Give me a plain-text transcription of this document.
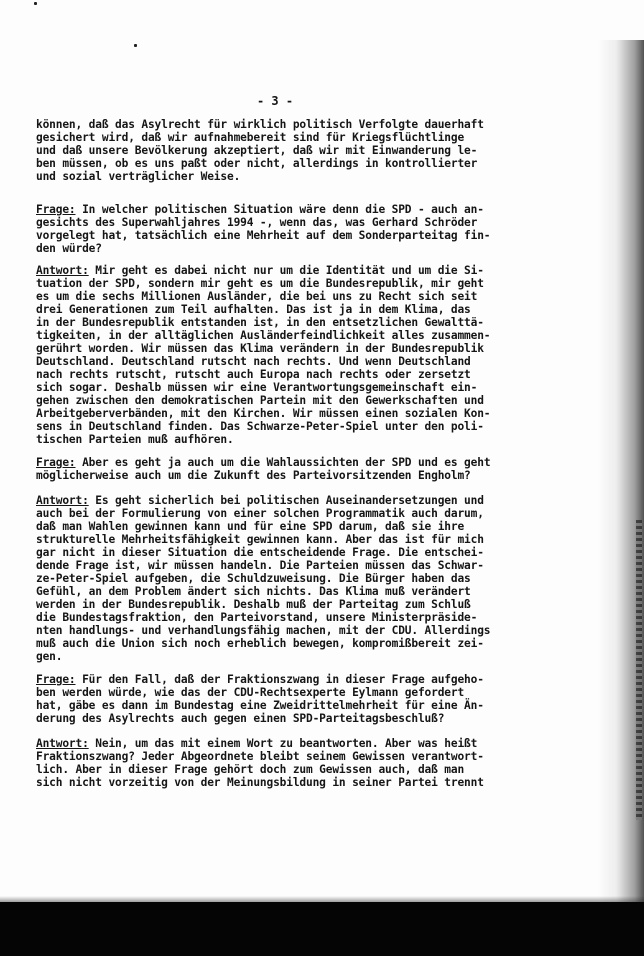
- 3 -
können, daß das Asylrecht für wirklich politisch Verfolgte dauerhaft
gesichert wird, daß wir aufnahmebereit sind für Kriegsflüchtlinge
und daß unsere Bevölkerung akzeptiert, daß wir mit Einwanderung le-
ben müssen, ob es uns paßt oder nicht, allerdings in kontrollierter
und sozial verträglicher Weise.
Frage: In welcher politischen Situation wäre denn die SPD - auch an-
gesichts des Superwahljahres 1994 -, wenn das, was Gerhard Schröder
vorgelegt hat, tatsächlich eine Mehrheit auf dem Sonderparteitag fin-
den würde?
Antwort: Mir geht es dabei nicht nur um die Identität und um die Si-
tuation der SPD, sondern mir geht es um die Bundesrepublik, mir geht
es um die sechs Millionen Ausländer, die bei uns zu Recht sich seit
drei Generationen zum Teil aufhalten. Das ist ja in dem Klima, das
in der Bundesrepublik entstanden ist, in den entsetzlichen Gewalttä-
tigkeiten, in der alltäglichen Ausländerfeindlichkeit alles zusammen-
gerührt worden. Wir müssen das Klima verändern in der Bundesrepublik
Deutschland. Deutschland rutscht nach rechts. Und wenn Deutschland
nach rechts rutscht, rutscht auch Europa nach rechts oder zersetzt
sich sogar. Deshalb müssen wir eine Verantwortungsgemeinschaft ein-
gehen zwischen den demokratischen Partein mit den Gewerkschaften und
Arbeitgeberverbänden, mit den Kirchen. Wir müssen einen sozialen Kon-
sens in Deutschland finden. Das Schwarze-Peter-Spiel unter den poli-
tischen Parteien muß aufhören.
Frage: Aber es geht ja auch um die Wahlaussichten der SPD und es geht
möglicherweise auch um die Zukunft des Parteivorsitzenden Engholm?
Antwort: Es geht sicherlich bei politischen Auseinandersetzungen und
auch bei der Formulierung von einer solchen Programmatik auch darum,
daß man Wahlen gewinnen kann und für eine SPD darum, daß sie ihre
strukturelle Mehrheitsfähigkeit gewinnen kann. Aber das ist für mich
gar nicht in dieser Situation die entscheidende Frage. Die entschei-
dende Frage ist, wir müssen handeln. Die Parteien müssen das Schwar-
ze-Peter-Spiel aufgeben, die Schuldzuweisung. Die Bürger haben das
Gefühl, an dem Problem ändert sich nichts. Das Klima muß verändert
werden in der Bundesrepublik. Deshalb muß der Parteitag zum Schluß
die Bundestagsfraktion, den Parteivorstand, unsere Ministerpräside-
nten handlungs- und verhandlungsfähig machen, mit der CDU. Allerdings
muß auch die Union sich noch erheblich bewegen, kompromißbereit zei-
gen.
Frage: Für den Fall, daß der Fraktionszwang in dieser Frage aufgeho-
ben werden würde, wie das der CDU-Rechtsexperte Eylmann gefordert
hat, gäbe es dann im Bundestag eine Zweidrittelmehrheit für eine Än-
derung des Asylrechts auch gegen einen SPD-Parteitagsbeschluß?
Antwort: Nein, um das mit einem Wort zu beantworten. Aber was heißt
Fraktionszwang? Jeder Abgeordnete bleibt seinem Gewissen verantwort-
lich. Aber in dieser Frage gehört doch zum Gewissen auch, daß man
sich nicht vorzeitig von der Meinungsbildung in seiner Partei trennt
